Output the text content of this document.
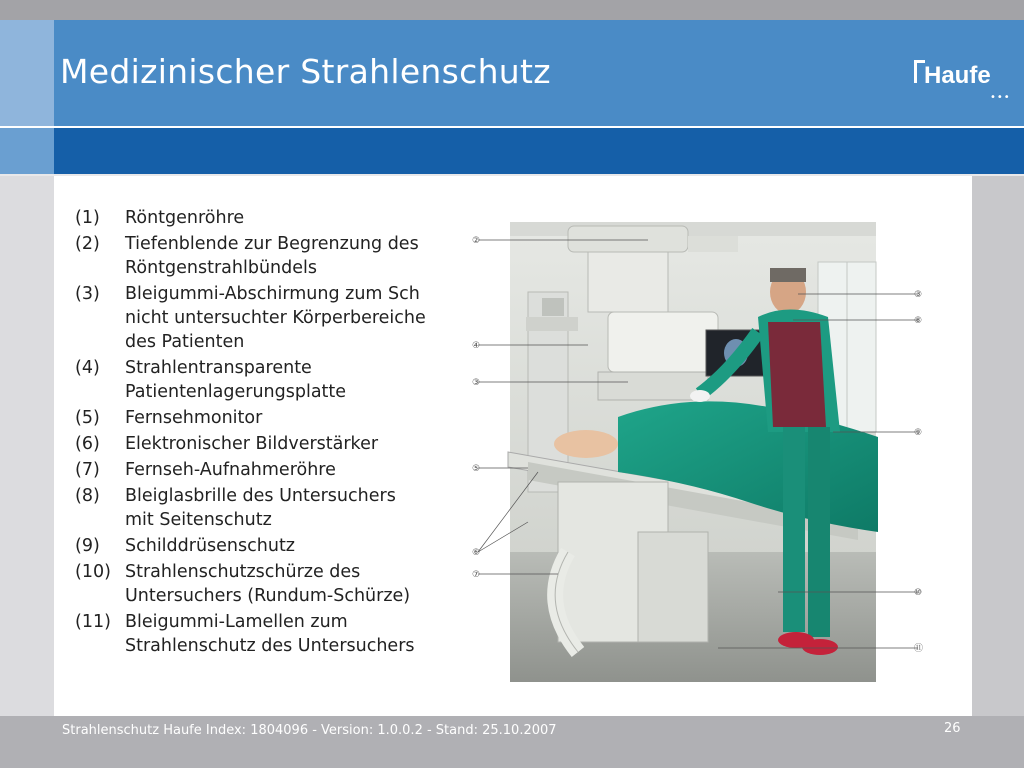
Medizinischer Strahlenschutz	Haufe
•••
(1) Röntgenröhre
(2) Tiefenblende zur Begrenzung des
Röntgenstrahlbündels
(3) Bleigummi-Abschirmung zum Sch
nicht untersuchter Körperbereiche
des Patienten
(4) Strahlentransparente
Patientenlagerungsplatte
(5) Fernsehmonitor
(6) Elektronischer Bildverstärker
(7) Fernseh-Aufnahmeröhre
(8) Bleiglasbrille des Untersuchers
mit Seitenschutz
(9) Schilddrüsenschutz
(10) Strahlenschutzschürze des
Untersuchers (Rundum-Schürze)
(11) Bleigummi-Lamellen zum
Strahlenschutz des Untersuchers
②
④
③
⑤
⑥
⑦
③
⑧
⑨
⑩
⑪
Strahlenschutz Haufe Index: 1804096 - Version: 1.0.0.2 - Stand: 25.10.2007	26
